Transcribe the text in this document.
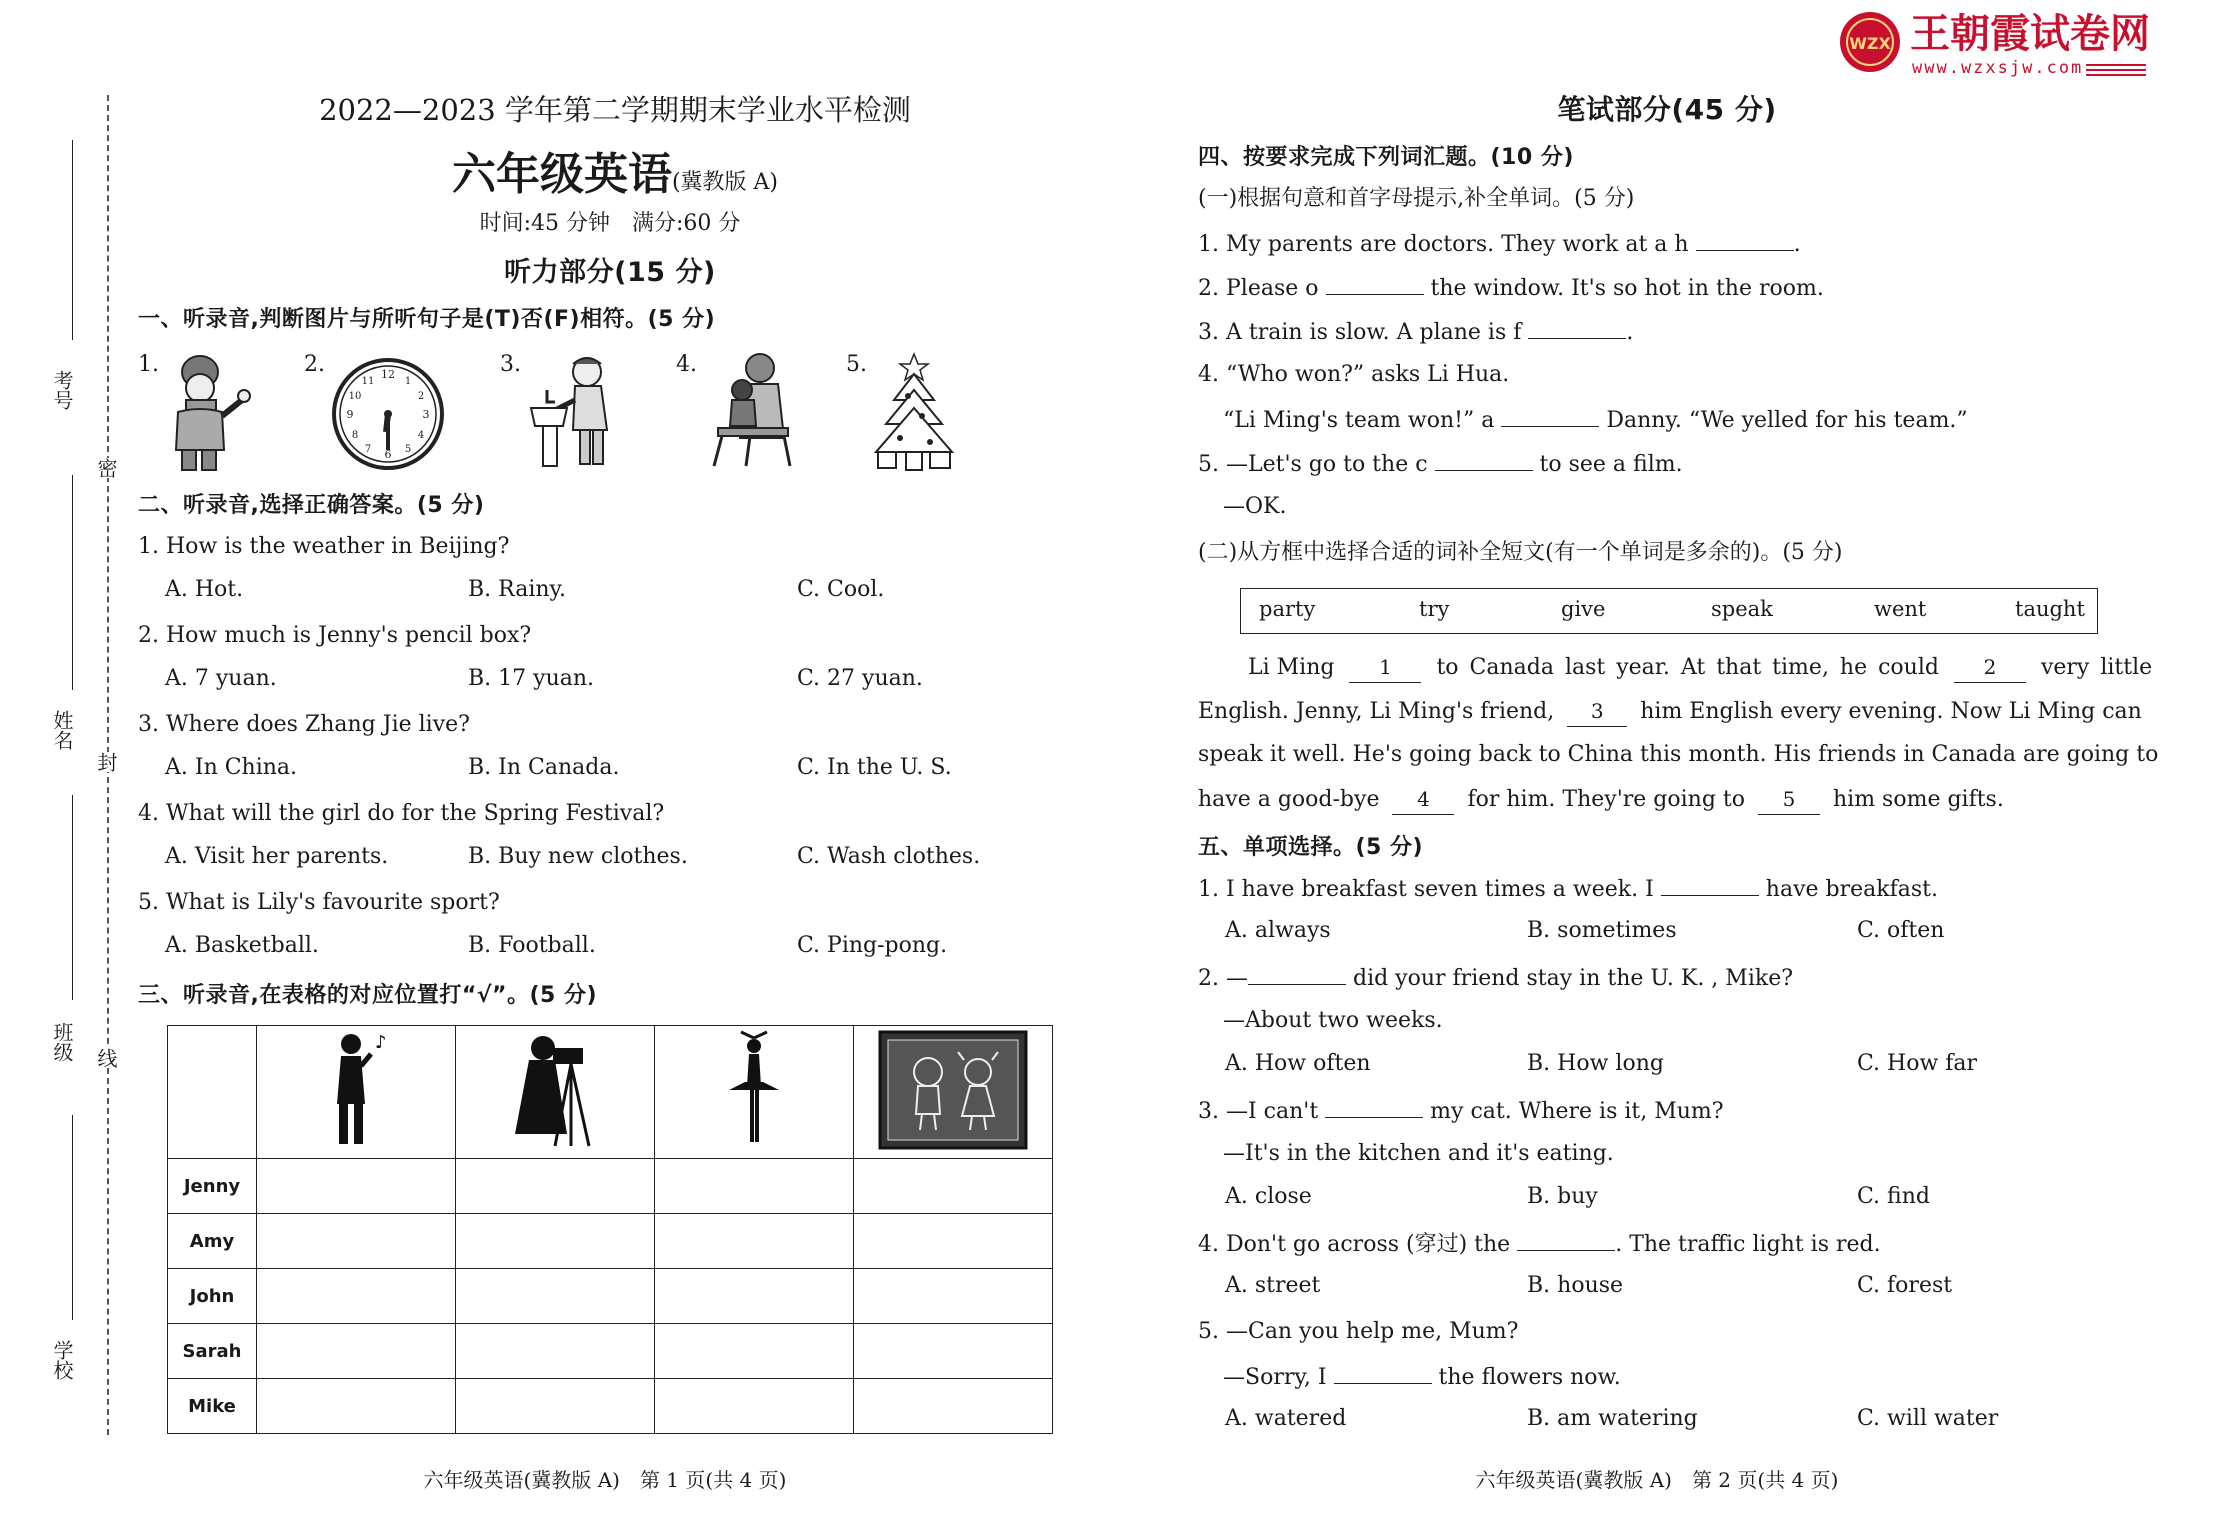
WZX 王朝霞试卷网
www.wzxsjw.com
考号
姓名
班级
学校
密
封
线
2022—2023 学年第二学期期末学业水平检测
六年级英语(冀教版 A)
时间:45 分钟　满分:60 分
听力部分(15 分)
一、听录音,判断图片与所听句子是(T)否(F)相符。(5 分)
1.	2.	12
3
6
9
1
2
4
5
7
8
10
11
3.	4.	5.
二、听录音,选择正确答案。(5 分)
1. How is the weather in Beijing?
A. Hot.	B. Rainy.	C. Cool.
2. How much is Jenny's pencil box?
A. 7 yuan.	B. 17 yuan.	C. 27 yuan.
3. Where does Zhang Jie live?
A. In China.	B. In Canada.	C. In the U. S.
4. What will the girl do for the Spring Festival?
A. Visit her parents.	B. Buy new clothes.	C. Wash clothes.
5. What is Lily's favourite sport?
A. Basketball.	B. Football.	C. Ping-pong.
三、听录音,在表格的对应位置打“√”。(5 分)

♪

Jenny				
Amy				
John				
Sarah				
Mike				
六年级英语(冀教版 A)　第 1 页(共 4 页)
笔试部分(45 分)
四、按要求完成下列词汇题。(10 分)
(一)根据句意和首字母提示,补全单词。(5 分)
1. My parents are doctors. They work at a h	.
2. Please o	the window. It's so hot in the room.
3. A train is slow. A plane is f	.
4. “Who won?” asks Li Hua.
“Li Ming's team won!” a	Danny. “We yelled for his team.”
5. —Let's go to the c	to see a film.
—OK.
(二)从方框中选择合适的词补全短文(有一个单词是多余的)。(5 分)
party	try	give	speak	went	taught
Li Ming 1 to Canada last year. At that time, he could 2 very little
English. Jenny, Li Ming's friend, 3 him English every evening. Now Li Ming can
speak it well. He's going back to China this month. His friends in Canada are going to
have a good-bye 4 for him. They're going to 5 him some gifts.
五、单项选择。(5 分)
1. I have breakfast seven times a week. I	have breakfast.
A. always	B. sometimes	C. often
2. —	did your friend stay in the U. K. , Mike?
—About two weeks.
A. How often	B. How long	C. How far
3. —I can't	my cat. Where is it, Mum?
—It's in the kitchen and it's eating.
A. close	B. buy	C. find
4. Don't go across (穿过) the	. The traffic light is red.
A. street	B. house	C. forest
5. —Can you help me, Mum?
—Sorry, I	the flowers now.
A. watered	B. am watering	C. will water
六年级英语(冀教版 A)　第 2 页(共 4 页)
